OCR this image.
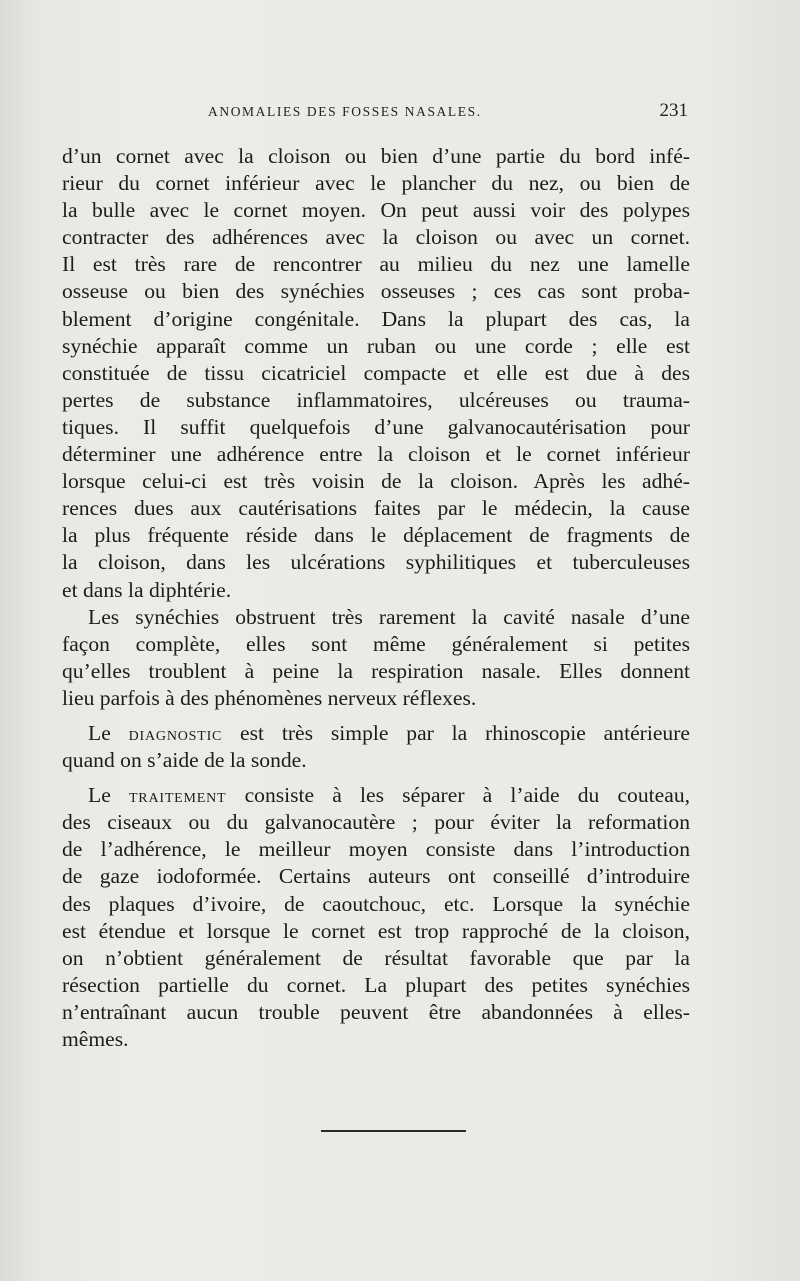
ANOMALIES DES FOSSES NASALES.	231
d’un cornet avec la cloison ou bien d’une partie du bord infé-
rieur du cornet inférieur avec le plancher du nez, ou bien de
la bulle avec le cornet moyen. On peut aussi voir des polypes
contracter des adhérences avec la cloison ou avec un cornet.
Il est très rare de rencontrer au milieu du nez une lamelle
osseuse ou bien des synéchies osseuses ; ces cas sont proba-
blement d’origine congénitale. Dans la plupart des cas, la
synéchie apparaît comme un ruban ou une corde ; elle est
constituée de tissu cicatriciel compacte et elle est due à des
pertes de substance inflammatoires, ulcéreuses ou trauma-
tiques. Il suffit quelquefois d’une galvanocautérisation pour
déterminer une adhérence entre la cloison et le cornet inférieur
lorsque celui-ci est très voisin de la cloison. Après les adhé-
rences dues aux cautérisations faites par le médecin, la cause
la plus fréquente réside dans le déplacement de fragments de
la cloison, dans les ulcérations syphilitiques et tuberculeuses
et dans la diphtérie.
Les synéchies obstruent très rarement la cavité nasale d’une
façon complète, elles sont même généralement si petites
qu’elles troublent à peine la respiration nasale. Elles donnent
lieu parfois à des phénomènes nerveux réflexes.
Le diagnostic est très simple par la rhinoscopie antérieure
quand on s’aide de la sonde.
Le traitement consiste à les séparer à l’aide du couteau,
des ciseaux ou du galvanocautère ; pour éviter la reformation
de l’adhérence, le meilleur moyen consiste dans l’introduction
de gaze iodoformée. Certains auteurs ont conseillé d’introduire
des plaques d’ivoire, de caoutchouc, etc. Lorsque la synéchie
est étendue et lorsque le cornet est trop rapproché de la cloison,
on n’obtient généralement de résultat favorable que par la
résection partielle du cornet. La plupart des petites synéchies
n’entraînant aucun trouble peuvent être abandonnées à elles-
mêmes.
